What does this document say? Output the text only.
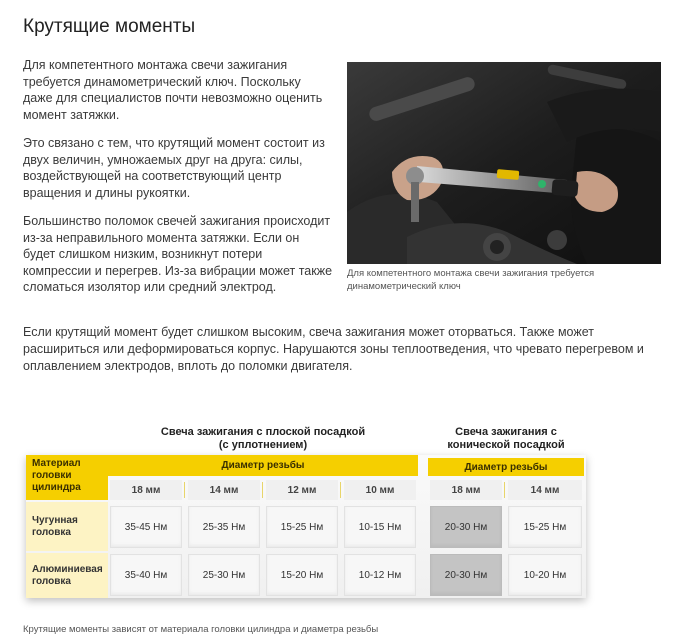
Крутящие моменты

Для компетентного монтажа свечи зажигания требуется динамометрический ключ. Поскольку даже для специалистов почти невозможно оценить момент затяжки.

Это связано с тем, что крутящий момент состоит из двух величин, умножаемых друг на друга: силы, воздействующей на соответствующий центр вращения и длины рукоятки.

Большинство поломок свечей зажигания происходит из-за неправильного момента затяжки. Если он будет слишком низким, возникнут потери компрессии и перегрев. Из-за вибрации может также сломаться изолятор или средний электрод.

Для компетентного монтажа свечи зажигания требуется динамометрический ключ

Если крутящий момент будет слишком высоким, свеча зажигания может оторваться. Также может расшириться или деформироваться корпус. Нарушаются зоны теплоотведения, что чревато перегревом и оплавлением электродов, вплоть до поломки двигателя.

Свеча зажигания с плоской посадкой
(с уплотнением)
Свеча зажигания с
конической посадкой
Материал
головки
цилиндра
Диаметр резьбы	Диаметр резьбы
18 мм	14 мм	12 мм	10 мм	18 мм	14 мм
Чугунная
головка	35-45 Нм	25-35 Нм	15-25 Нм	10-15 Нм	20-30 Нм	15-25 Нм
Алюминиевая
головка
35-40 Нм	25-30 Нм	15-20 Нм	10-12 Нм	20-30 Нм	10-20 Нм
Крутящие моменты зависят от материала головки цилиндра и диаметра резьбы
